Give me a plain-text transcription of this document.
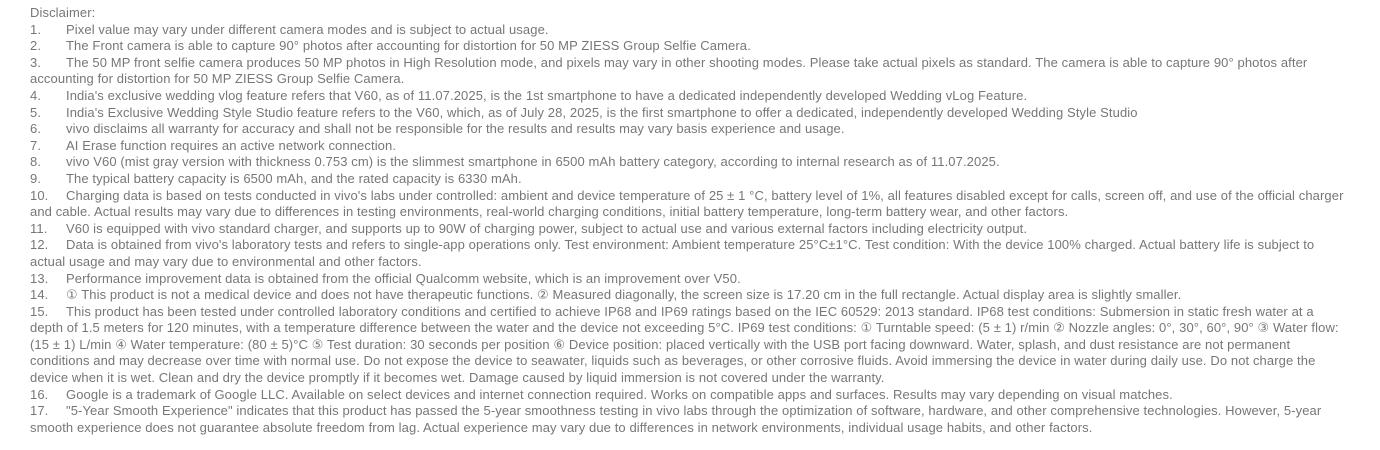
Disclaimer:
1. Pixel value may vary under different camera modes and is subject to actual usage.
2. The Front camera is able to capture 90° photos after accounting for distortion for 50 MP ZIESS Group Selfie Camera.
3. The 50 MP front selfie camera produces 50 MP photos in High Resolution mode, and pixels may vary in other shooting modes. Please take actual pixels as standard. The camera is able to capture 90° photos after accounting for distortion for 50 MP ZIESS Group Selfie Camera.
4. India's exclusive wedding vlog feature refers that V60, as of 11.07.2025, is the 1st smartphone to have a dedicated independently developed Wedding vLog Feature.
5. India's Exclusive Wedding Style Studio feature refers to the V60, which, as of July 28, 2025, is the first smartphone to offer a dedicated, independently developed Wedding Style Studio
6. vivo disclaims all warranty for accuracy and shall not be responsible for the results and results may vary basis experience and usage.
7. AI Erase function requires an active network connection.
8. vivo V60 (mist gray version with thickness 0.753 cm) is the slimmest smartphone in 6500 mAh battery category, according to internal research as of 11.07.2025.
9. The typical battery capacity is 6500 mAh, and the rated capacity is 6330 mAh.
10. Charging data is based on tests conducted in vivo's labs under controlled: ambient and device temperature of 25 ± 1 °C, battery level of 1%, all features disabled except for calls, screen off, and use of the official charger and cable. Actual results may vary due to differences in testing environments, real-world charging conditions, initial battery temperature, long-term battery wear, and other factors.
11. V60 is equipped with vivo standard charger, and supports up to 90W of charging power, subject to actual use and various external factors including electricity output.
12. Data is obtained from vivo's laboratory tests and refers to single-app operations only. Test environment: Ambient temperature 25°C±1°C. Test condition: With the device 100% charged. Actual battery life is subject to actual usage and may vary due to environmental and other factors.
13. Performance improvement data is obtained from the official Qualcomm website, which is an improvement over V50.
14. ① This product is not a medical device and does not have therapeutic functions. ② Measured diagonally, the screen size is 17.20 cm in the full rectangle. Actual display area is slightly smaller.
15. This product has been tested under controlled laboratory conditions and certified to achieve IP68 and IP69 ratings based on the IEC 60529: 2013 standard. IP68 test conditions: Submersion in static fresh water at a depth of 1.5 meters for 120 minutes, with a temperature difference between the water and the device not exceeding 5°C. IP69 test conditions: ① Turntable speed: (5 ± 1) r/min ② Nozzle angles: 0°, 30°, 60°, 90° ③ Water flow: (15 ± 1) L/min ④ Water temperature: (80 ± 5)°C ⑤ Test duration: 30 seconds per position ⑥ Device position: placed vertically with the USB port facing downward. Water, splash, and dust resistance are not permanent conditions and may decrease over time with normal use. Do not expose the device to seawater, liquids such as beverages, or other corrosive fluids. Avoid immersing the device in water during daily use. Do not charge the device when it is wet. Clean and dry the device promptly if it becomes wet. Damage caused by liquid immersion is not covered under the warranty.
16. Google is a trademark of Google LLC. Available on select devices and internet connection required. Works on compatible apps and surfaces. Results may vary depending on visual matches.
17. "5-Year Smooth Experience" indicates that this product has passed the 5-year smoothness testing in vivo labs through the optimization of software, hardware, and other comprehensive technologies. However, 5-year smooth experience does not guarantee absolute freedom from lag. Actual experience may vary due to differences in network environments, individual usage habits, and other factors.
